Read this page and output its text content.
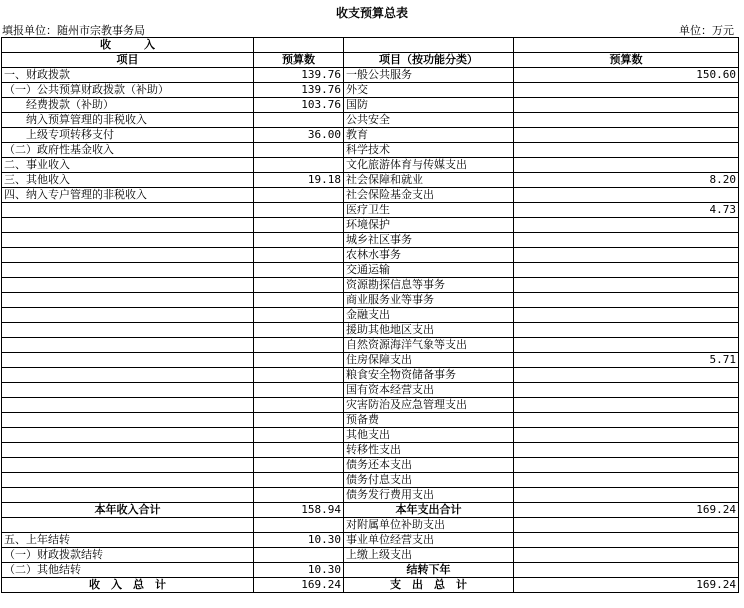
收支预算总表
填报单位：随州市宗教事务局	单位：万元
收　　　入			
项目	预算数	项目（按功能分类）	预算数
一、财政拨款	139.76	一般公共服务	150.60
（一）公共预算财政拨款（补助）	139.76	外交	
　　经费拨款（补助）	103.76	国防	
　　纳入预算管理的非税收入		公共安全	
　　上级专项转移支付	36.00	教育	
（二）政府性基金收入		科学技术	
二、事业收入		文化旅游体育与传媒支出	
三、其他收入	19.18	社会保障和就业	8.20
四、纳入专户管理的非税收入		社会保险基金支出	
		医疗卫生	4.73
		环境保护	
		城乡社区事务	
		农林水事务	
		交通运输	
		资源勘探信息等事务	
		商业服务业等事务	
		金融支出	
		援助其他地区支出	
		自然资源海洋气象等支出	
		住房保障支出	5.71
		粮食安全物资储备事务	
		国有资本经营支出	
		灾害防治及应急管理支出	
		预备费	
		其他支出	
		转移性支出	
		债务还本支出	
		债务付息支出	
		债务发行费用支出	
本年收入合计	158.94	本年支出合计	169.24
		对附属单位补助支出	
五、上年结转	10.30	事业单位经营支出	
（一）财政拨款结转		上缴上级支出	
（二）其他结转	10.30	结转下年	
收　入　总　计	169.24	支　出　总　计	169.24
